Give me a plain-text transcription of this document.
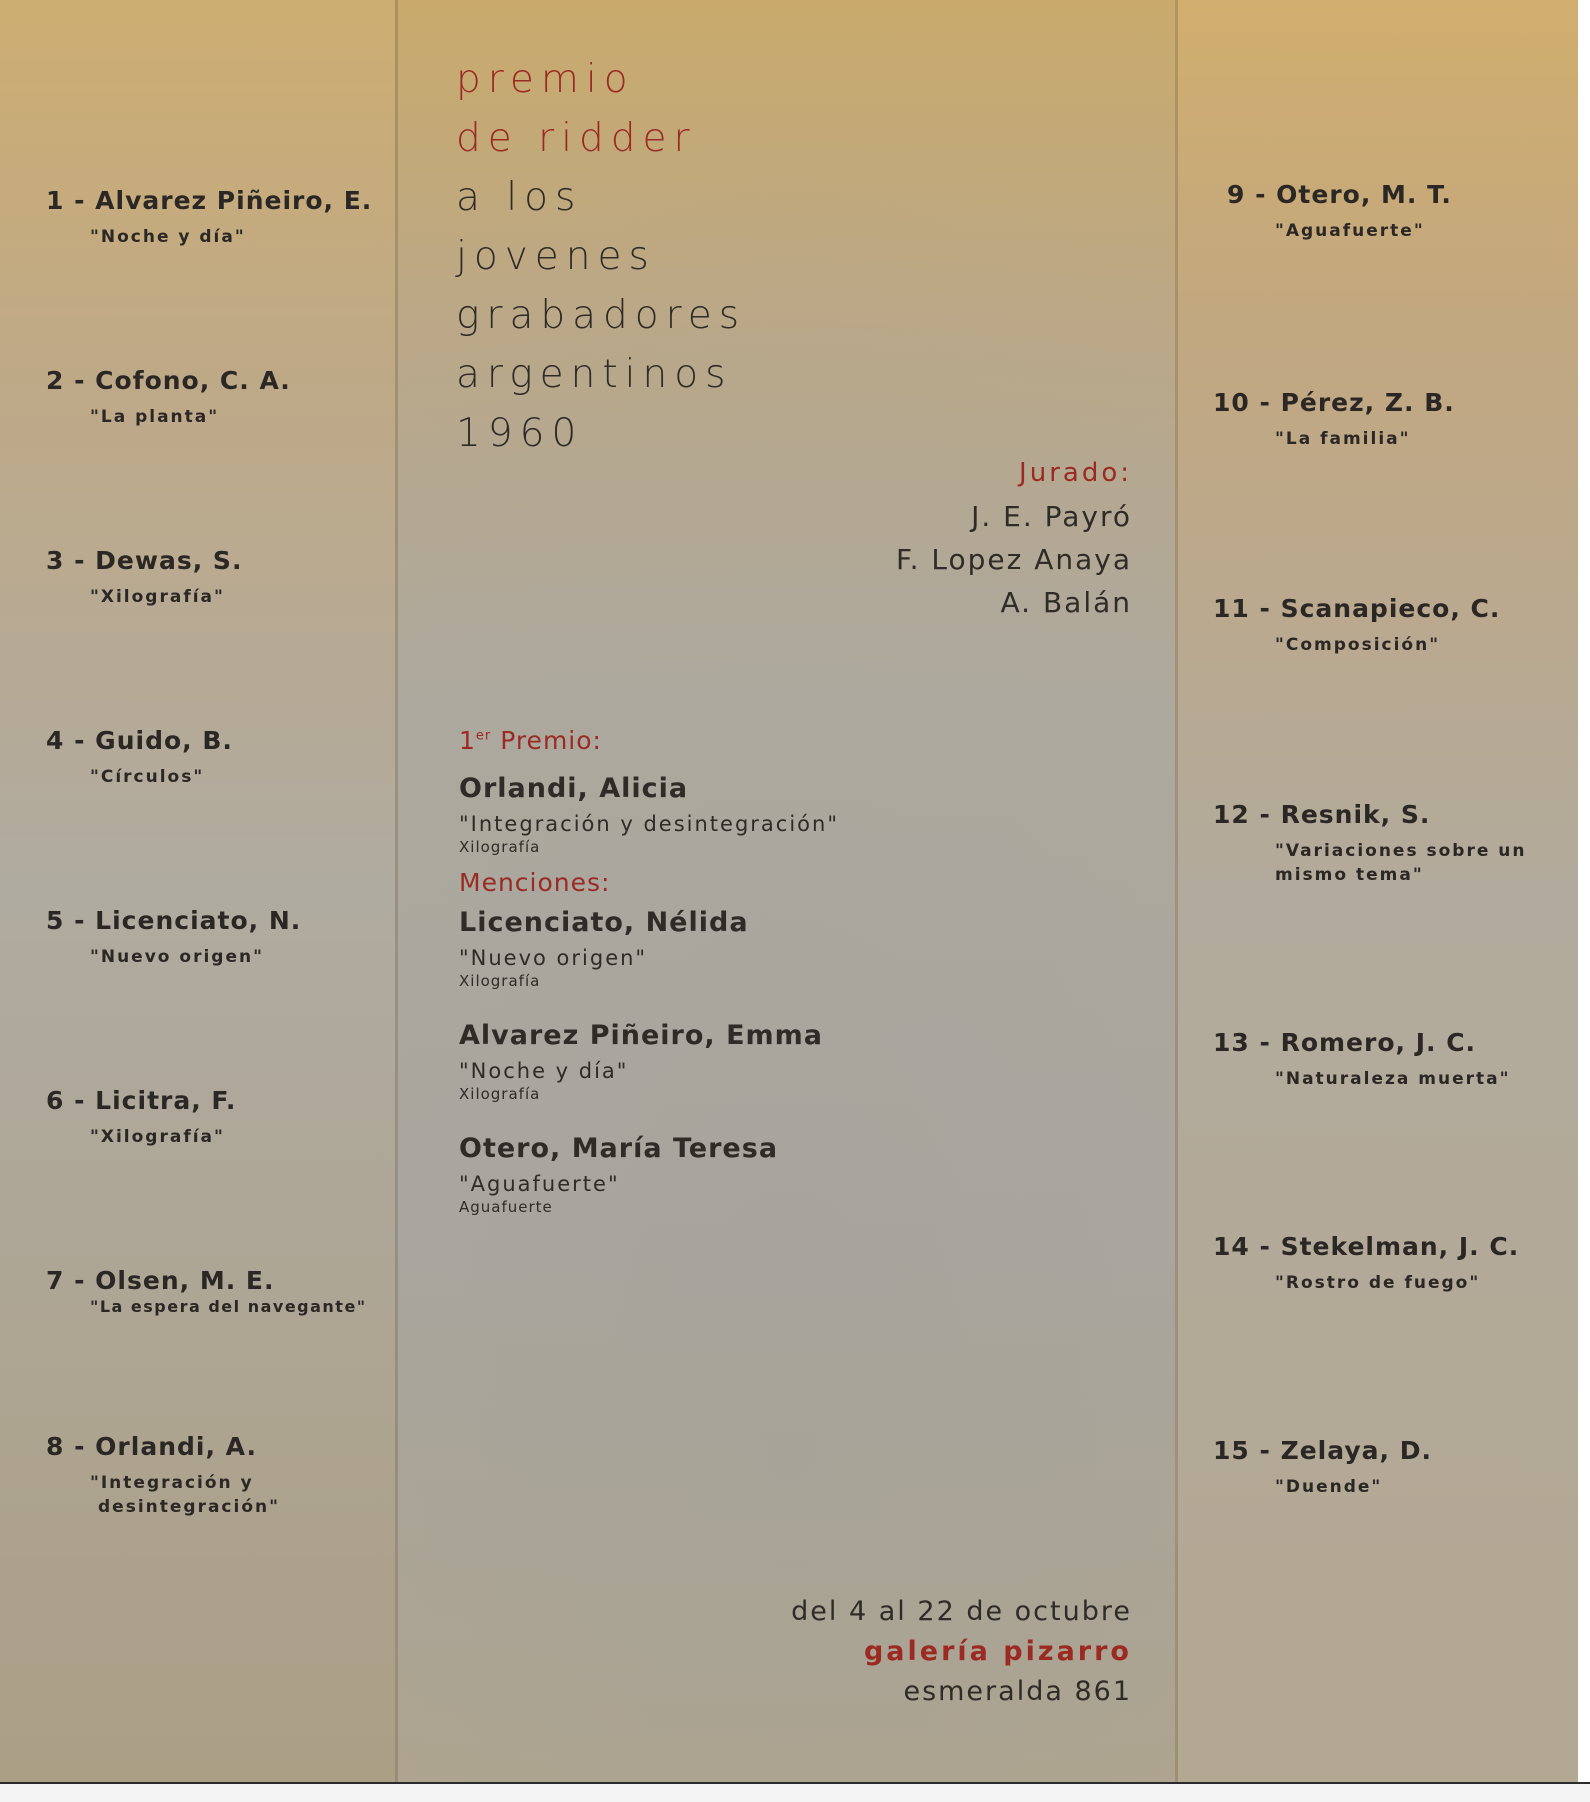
1 - Alvarez Piñeiro, E.
"Noche y día"
2 - Cofono, C. A.
"La planta"
3 - Dewas, S.
"Xilografía"
4 - Guido, B.
"Círculos"
5 - Licenciato, N.
"Nuevo origen"
6 - Licitra, F.
"Xilografía"
7 - Olsen, M. E.
"La espera del navegante"
8 - Orlandi, A.
"Integración y
desintegración"
premio
de ridder
a los
jovenes
grabadores
argentinos
1960
Jurado:
J. E. Payró
F. Lopez Anaya
A. Balán
1er Premio:
Orlandi, Alicia
"Integración y desintegración"
Xilografía
Menciones:
Licenciato, Nélida
"Nuevo origen"
Xilografía
Alvarez Piñeiro, Emma
"Noche y día"
Xilografía
Otero, María Teresa
"Aguafuerte"
Aguafuerte
9 - Otero, M. T.
"Aguafuerte"
10 - Pérez, Z. B.
"La familia"
11 - Scanapieco, C.
"Composición"
12 - Resnik, S.
"Variaciones sobre un
mismo tema"
13 - Romero, J. C.
"Naturaleza muerta"
14 - Stekelman, J. C.
"Rostro de fuego"
15 - Zelaya, D.
"Duende"
del 4 al 22 de octubre
galería pizarro
esmeralda 861
